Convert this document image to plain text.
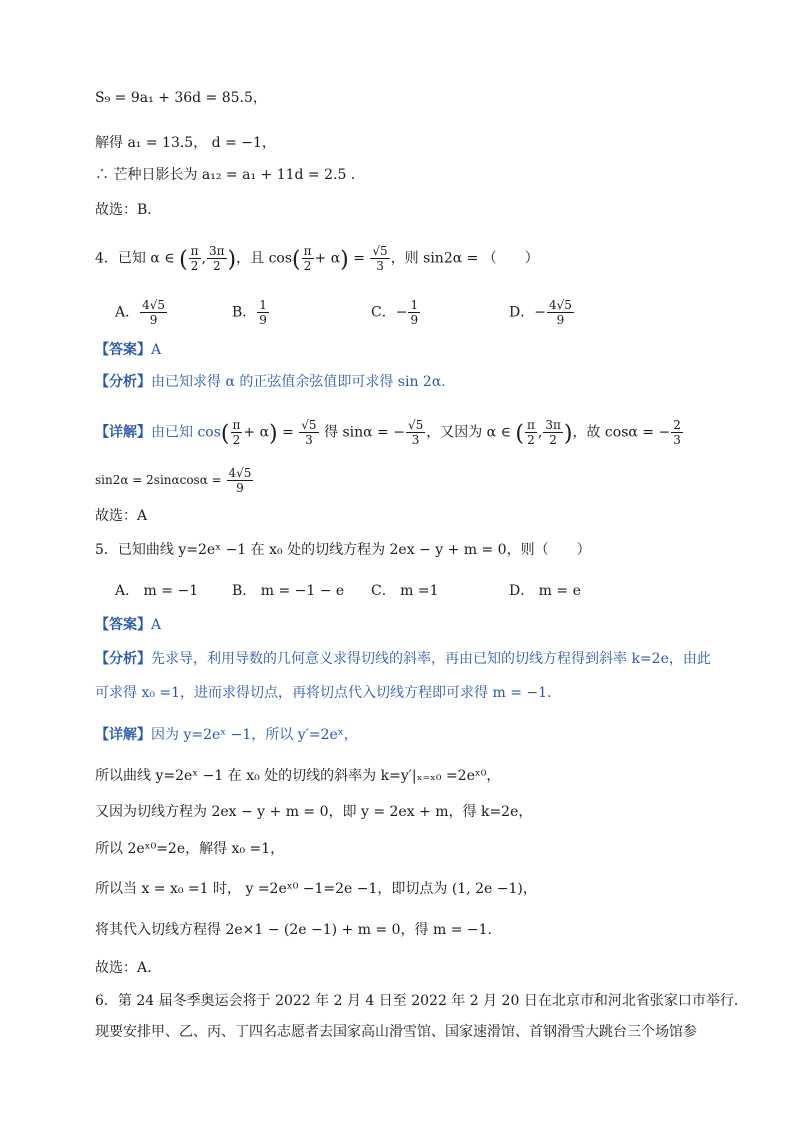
S₉ = 9a₁ + 36d = 85.5，
解得 a₁ = 13.5， d = −1，
∴ 芒种日影长为 a₁₂ = a₁ + 11d = 2.5 ．
故选：B．
4．已知 α ∈ ( $\frac{\pi}{2}$ , $\frac{3\pi}{2}$ )，且 $\cos( \frac{\pi}{2} + \alpha) = \frac{√5}{3}$ ，则 sin2α = （　　）
A． $\frac{4√5}{9}$	B． $\frac{1}{9}$	C．− $\frac{1}{9}$	D．− $\frac{4√5}{9}$
【答案】A
【分析】由已知求得 α 的正弦值余弦值即可求得 sin 2α.
【详解】由已知 $\cos( \frac{\pi}{2} + \alpha) = \frac{√5}{3}$ 得 sinα = − $\frac{√5}{3}$ ，又因为 α ∈ ( $\frac{\pi}{2}$ , $\frac{3\pi}{2}$ )，故 cosα = − $\frac{2}{3}$
$\sin 2\alpha = 2\sin\alpha\cos\alpha = \frac{4√5}{9}$
故选：A
5．已知曲线 y=2eˣ −1 在 x₀ 处的切线方程为 2ex − y + m = 0，则（　　）
A． m = −1 B． m = −1 − e C． m =1	D． m = e
【答案】A
【分析】先求导，利用导数的几何意义求得切线的斜率，再由已知的切线方程得到斜率 k=2e，由此
可求得 x₀ =1，进而求得切点，再将切点代入切线方程即可求得 m = −1.
【详解】因为 y=2eˣ −1，所以 y′=2eˣ，
所以曲线 y=2eˣ −1 在 x₀ 处的切线的斜率为 k=y′|ₓ₌ₓ₀ =2eˣ⁰，
又因为切线方程为 2ex − y + m = 0，即 y = 2ex + m，得 k=2e，
所以 2eˣ⁰=2e，解得 x₀ =1，
所以当 x = x₀ =1 时， y =2eˣ⁰ −1=2e −1，即切点为 (1, 2e −1)，
将其代入切线方程得 2e×1 − (2e −1) + m = 0，得 m = −1.
故选：A.
6．第 24 届冬季奥运会将于 2022 年 2 月 4 日至 2022 年 2 月 20 日在北京市和河北省张家口市举行．
现要安排甲、乙、丙、丁四名志愿者去国家高山滑雪馆、国家速滑馆、首钢滑雪大跳台三个场馆参
